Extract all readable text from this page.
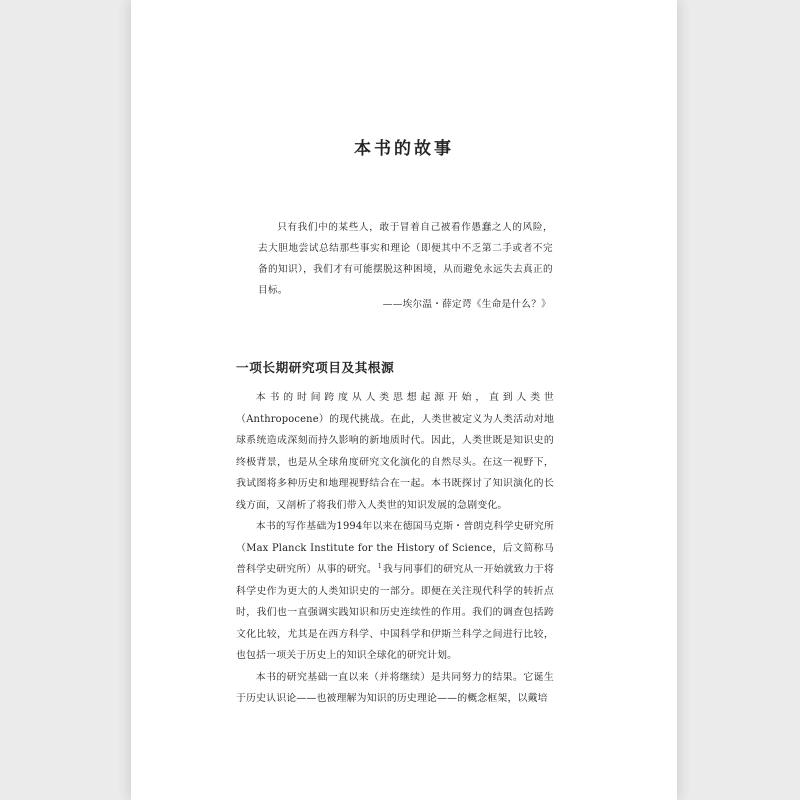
本书的故事

只有我们中的某些人，敢于冒着自己被看作愚蠢之人的风险，去大胆地尝试总结那些事实和理论（即便其中不乏第二手或者不完备的知识），我们才有可能摆脱这种困境，从而避免永远失去真正的目标。

——埃尔温・薛定谔《生命是什么？》
一项长期研究项目及其根源

本书的时间跨度从人类思想起源开始，直到人类世（Anthropocene）的现代挑战。在此，人类世被定义为人类活动对地球系统造成深刻而持久影响的新地质时代。因此，人类世既是知识史的终极背景，也是从全球角度研究文化演化的自然尽头。在这一视野下，我试图将多种历史和地理视野结合在一起。本书既探讨了知识演化的长线方面，又剖析了将我们带入人类世的知识发展的急剧变化。

本书的写作基础为1994年以来在德国马克斯・普朗克科学史研究所（Max Planck Institute for the History of Science，后文简称马普科学史研究所）从事的研究。$^1$我与同事们的研究从一开始就致力于将科学史作为更大的人类知识史的一部分。即便在关注现代科学的转折点时，我们也一直强调实践知识和历史连续性的作用。我们的调查包括跨文化比较，尤其是在西方科学、中国科学和伊斯兰科学之间进行比较，也包括一项关于历史上的知识全球化的研究计划。

本书的研究基础一直以来（并将继续）是共同努力的结果。它诞生于历史认识论——也被理解为知识的历史理论——的概念框架，以戴培
